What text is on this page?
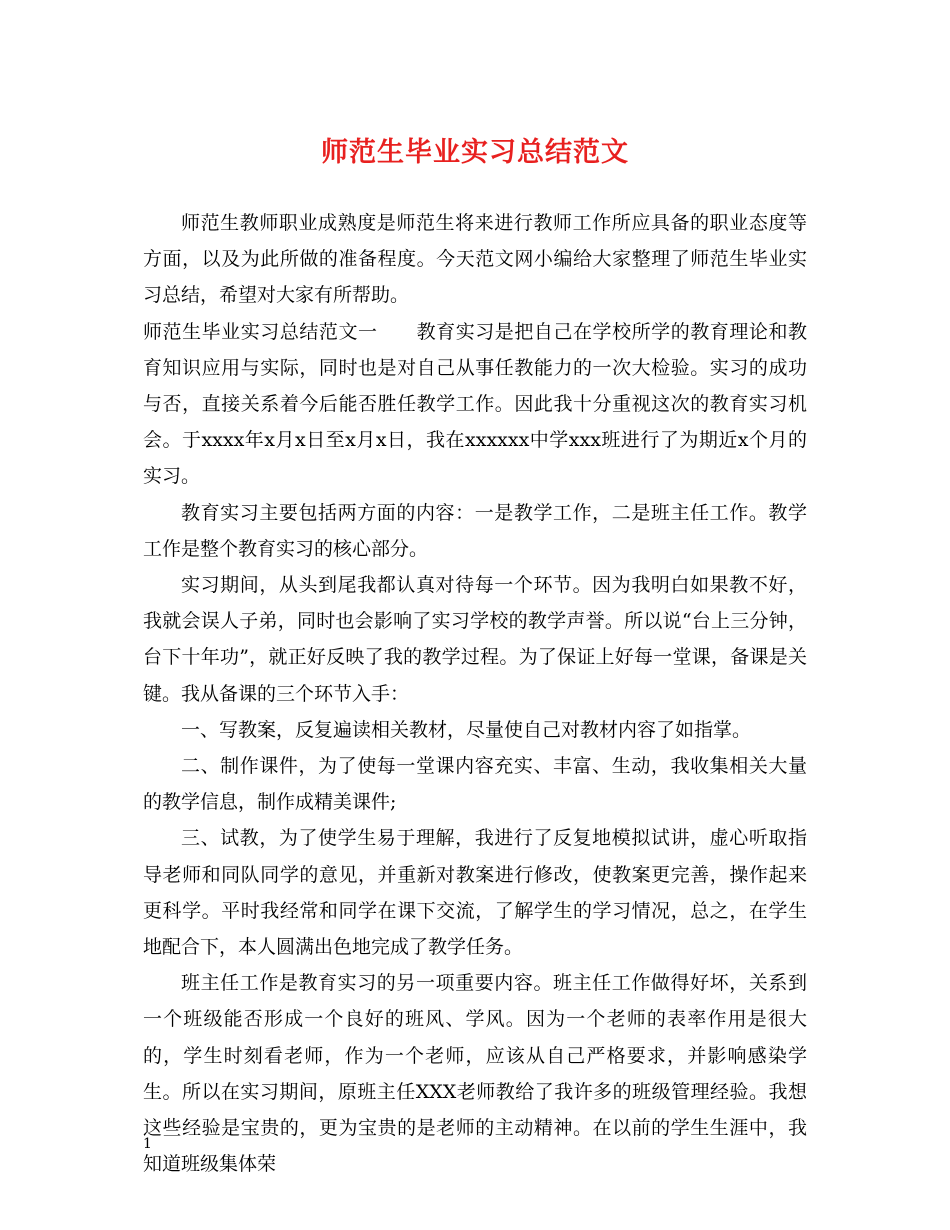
师范生毕业实习总结范文

师范生教师职业成熟度是师范生将来进行教师工作所应具备的职业态度等方面，以及为此所做的准备程度。今天范文网小编给大家整理了师范生毕业实习总结，希望对大家有所帮助。

师范生毕业实习总结范文一　　教育实习是把自己在学校所学的教育理论和教育知识应用与实际，同时也是对自己从事任教能力的一次大检验。实习的成功与否，直接关系着今后能否胜任教学工作。因此我十分重视这次的教育实习机会。于xxxx年x月x日至x月x日，我在xxxxxx中学xxx班进行了为期近x个月的实习。

教育实习主要包括两方面的内容：一是教学工作，二是班主任工作。教学工作是整个教育实习的核心部分。

实习期间，从头到尾我都认真对待每一个环节。因为我明白如果教不好，我就会误人子弟，同时也会影响了实习学校的教学声誉。所以说“台上三分钟，台下十年功”，就正好反映了我的教学过程。为了保证上好每一堂课，备课是关键。我从备课的三个环节入手：

一、写教案，反复遍读相关教材，尽量使自己对教材内容了如指掌。

二、制作课件，为了使每一堂课内容充实、丰富、生动，我收集相关大量的教学信息，制作成精美课件;

三、试教，为了使学生易于理解，我进行了反复地模拟试讲，虚心听取指导老师和同队同学的意见，并重新对教案进行修改，使教案更完善，操作起来更科学。平时我经常和同学在课下交流，了解学生的学习情况，总之，在学生地配合下，本人圆满出色地完成了教学任务。

班主任工作是教育实习的另一项重要内容。班主任工作做得好坏，关系到一个班级能否形成一个良好的班风、学风。因为一个老师的表率作用是很大的，学生时刻看老师，作为一个老师，应该从自己严格要求，并影响感染学生。所以在实习期间，原班主任XXX老师教给了我许多的班级管理经验。我想这些经验是宝贵的，更为宝贵的是老师的主动精神。在以前的学生生涯中，我知道班级集体荣

1
